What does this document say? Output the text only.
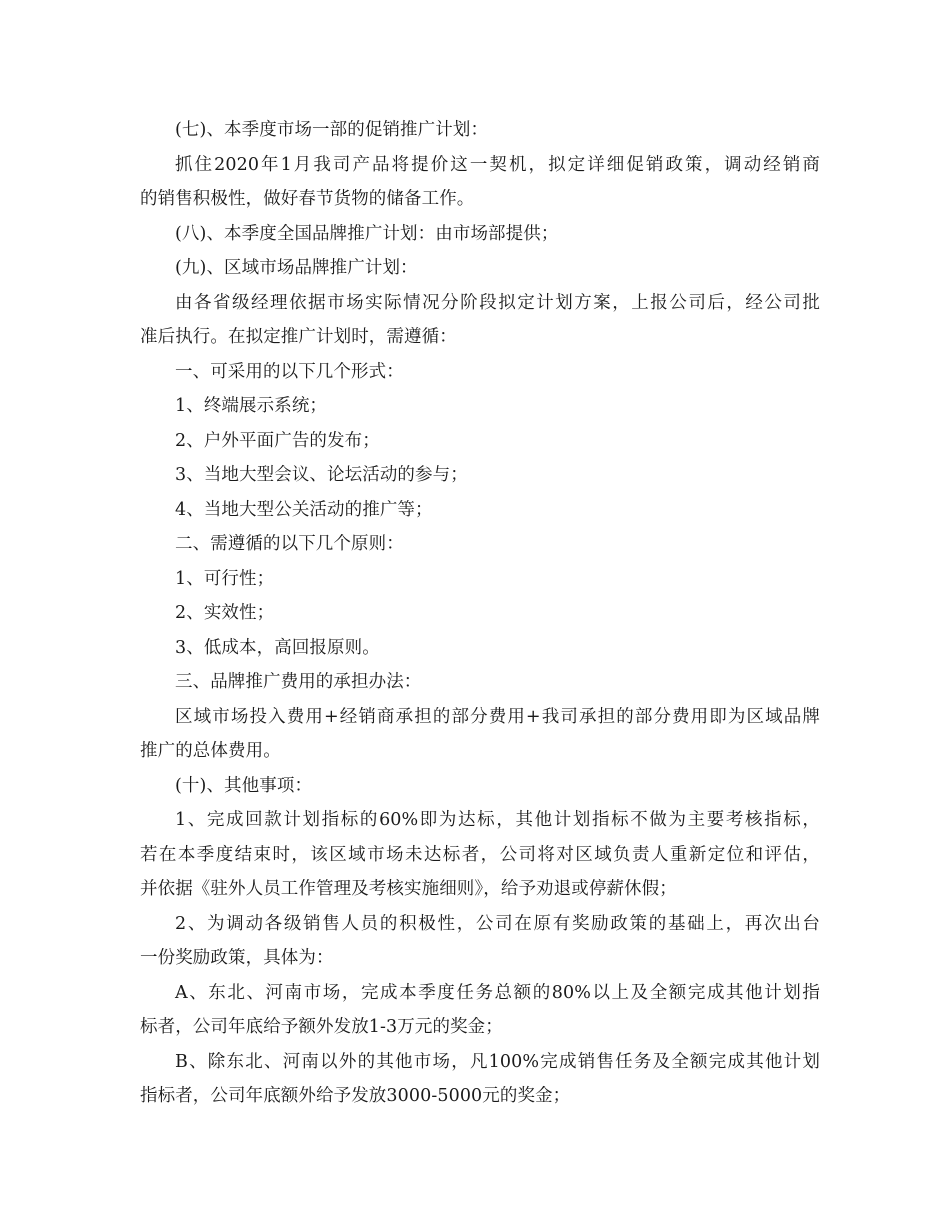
(七)、本季度市场一部的促销推广计划：
抓住2020年1月我司产品将提价这一契机，拟定详细促销政策，调动经销商
的销售积极性，做好春节货物的储备工作。
(八)、本季度全国品牌推广计划：由市场部提供；
(九)、区域市场品牌推广计划：
由各省级经理依据市场实际情况分阶段拟定计划方案，上报公司后，经公司批
准后执行。在拟定推广计划时，需遵循：
一、可采用的以下几个形式：
1、终端展示系统；
2、户外平面广告的发布；
3、当地大型会议、论坛活动的参与；
4、当地大型公关活动的推广等；
二、需遵循的以下几个原则：
1、可行性；
2、实效性；
3、低成本，高回报原则。
三、品牌推广费用的承担办法：
区域市场投入费用+经销商承担的部分费用+我司承担的部分费用即为区域品牌
推广的总体费用。
(十)、其他事项：
1、完成回款计划指标的60%即为达标，其他计划指标不做为主要考核指标，
若在本季度结束时，该区域市场未达标者，公司将对区域负责人重新定位和评估，
并依据《驻外人员工作管理及考核实施细则》，给予劝退或停薪休假；
2、为调动各级销售人员的积极性，公司在原有奖励政策的基础上，再次出台
一份奖励政策，具体为：
A、东北、河南市场，完成本季度任务总额的80%以上及全额完成其他计划指
标者，公司年底给予额外发放1-3万元的奖金；
B、除东北、河南以外的其他市场，凡100%完成销售任务及全额完成其他计划
指标者，公司年底额外给予发放3000-5000元的奖金；
